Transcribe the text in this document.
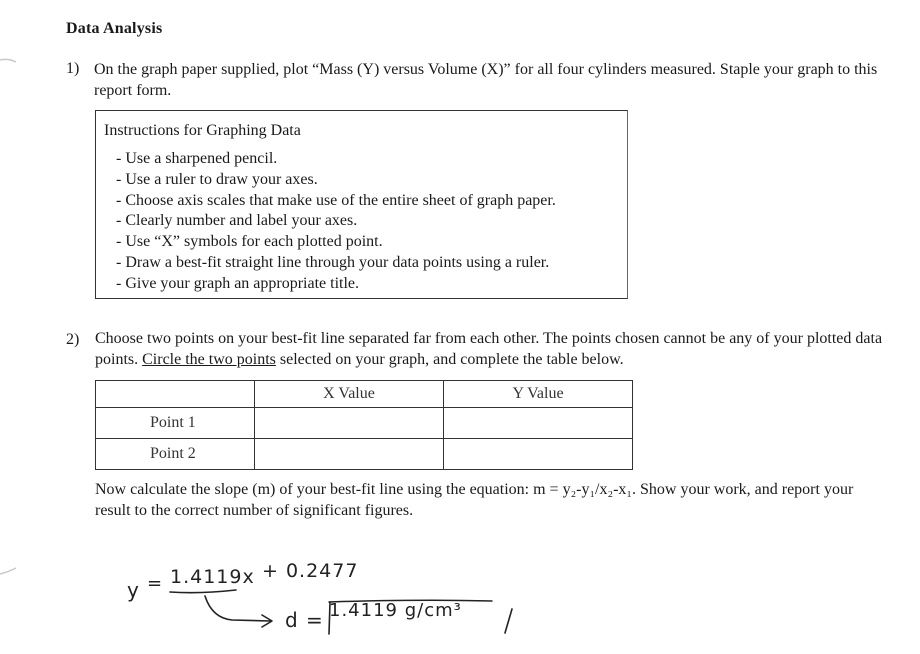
Data Analysis
1) On the graph paper supplied, plot “Mass (Y) versus Volume (X)” for all four cylinders measured. Staple your graph to this report form.
Instructions for Graphing Data
- Use a sharpened pencil.
- Use a ruler to draw your axes.
- Choose axis scales that make use of the entire sheet of graph paper.
- Clearly number and label your axes.
- Use “X” symbols for each plotted point.
- Draw a best-fit straight line through your data points using a ruler.
- Give your graph an appropriate title.
2) Choose two points on your best-fit line separated far from each other. The points chosen cannot be any of your plotted data points. Circle the two points selected on your graph, and complete the table below.
	X Value	Y Value
Point 1		
Point 2		
Now calculate the slope (m) of your best-fit line using the equation: m = y₂-y₁/x₂-x₁. Show your work, and report your result to the correct number of significant figures.
y = 1.4119x + 0.2477
d = 1.4119 g/cm³
